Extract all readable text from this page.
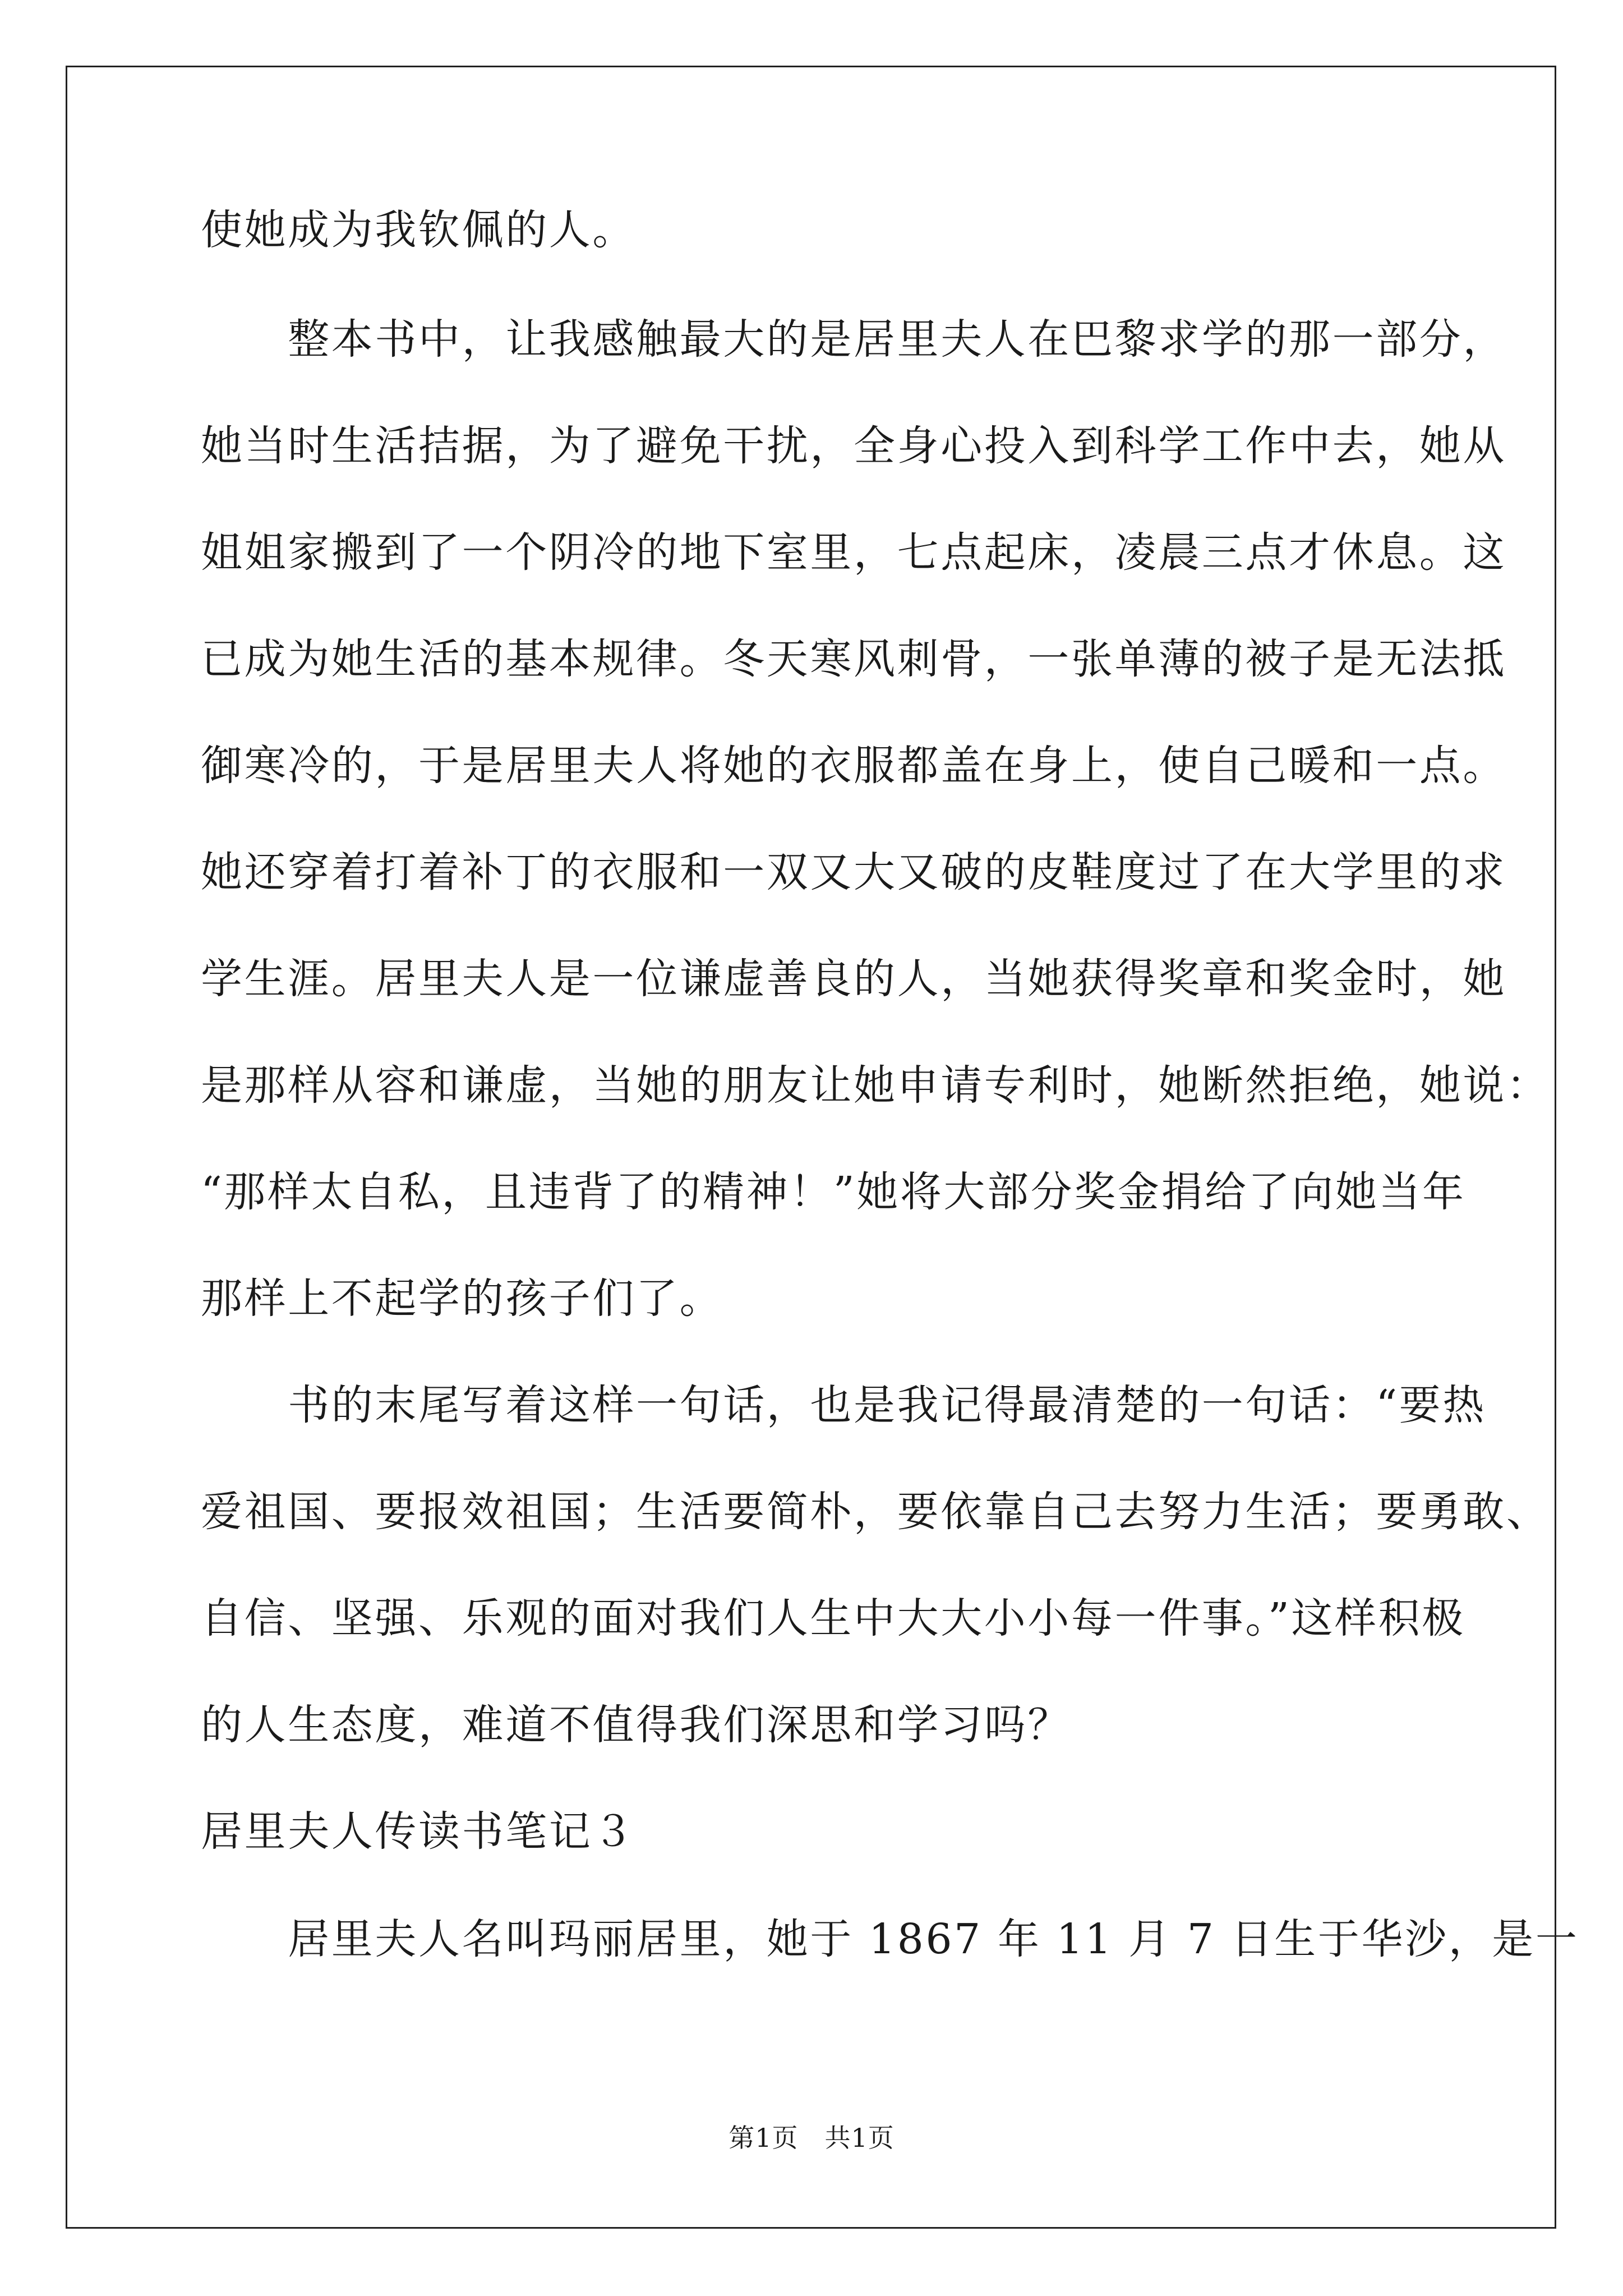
使她成为我钦佩的人。
　　整本书中，让我感触最大的是居里夫人在巴黎求学的那一部分，
她当时生活拮据，为了避免干扰，全身心投入到科学工作中去，她从
姐姐家搬到了一个阴冷的地下室里，七点起床，凌晨三点才休息。这
已成为她生活的基本规律。冬天寒风刺骨，一张单薄的被子是无法抵
御寒冷的，于是居里夫人将她的衣服都盖在身上，使自己暖和一点。
她还穿着打着补丁的衣服和一双又大又破的皮鞋度过了在大学里的求
学生涯。居里夫人是一位谦虚善良的人，当她获得奖章和奖金时，她
是那样从容和谦虚，当她的朋友让她申请专利时，她断然拒绝，她说：
“那样太自私，且违背了的精神！”她将大部分奖金捐给了向她当年
那样上不起学的孩子们了。
　　书的末尾写着这样一句话，也是我记得最清楚的一句话：“要热
爱祖国、要报效祖国；生活要简朴，要依靠自己去努力生活；要勇敢、
自信、坚强、乐观的面对我们人生中大大小小每一件事。”这样积极
的人生态度，难道不值得我们深思和学习吗？
居里夫人传读书笔记３
　　居里夫人名叫玛丽居里，她于 1867 年 11 月 7 日生于华沙，是一
第1页　共1页
